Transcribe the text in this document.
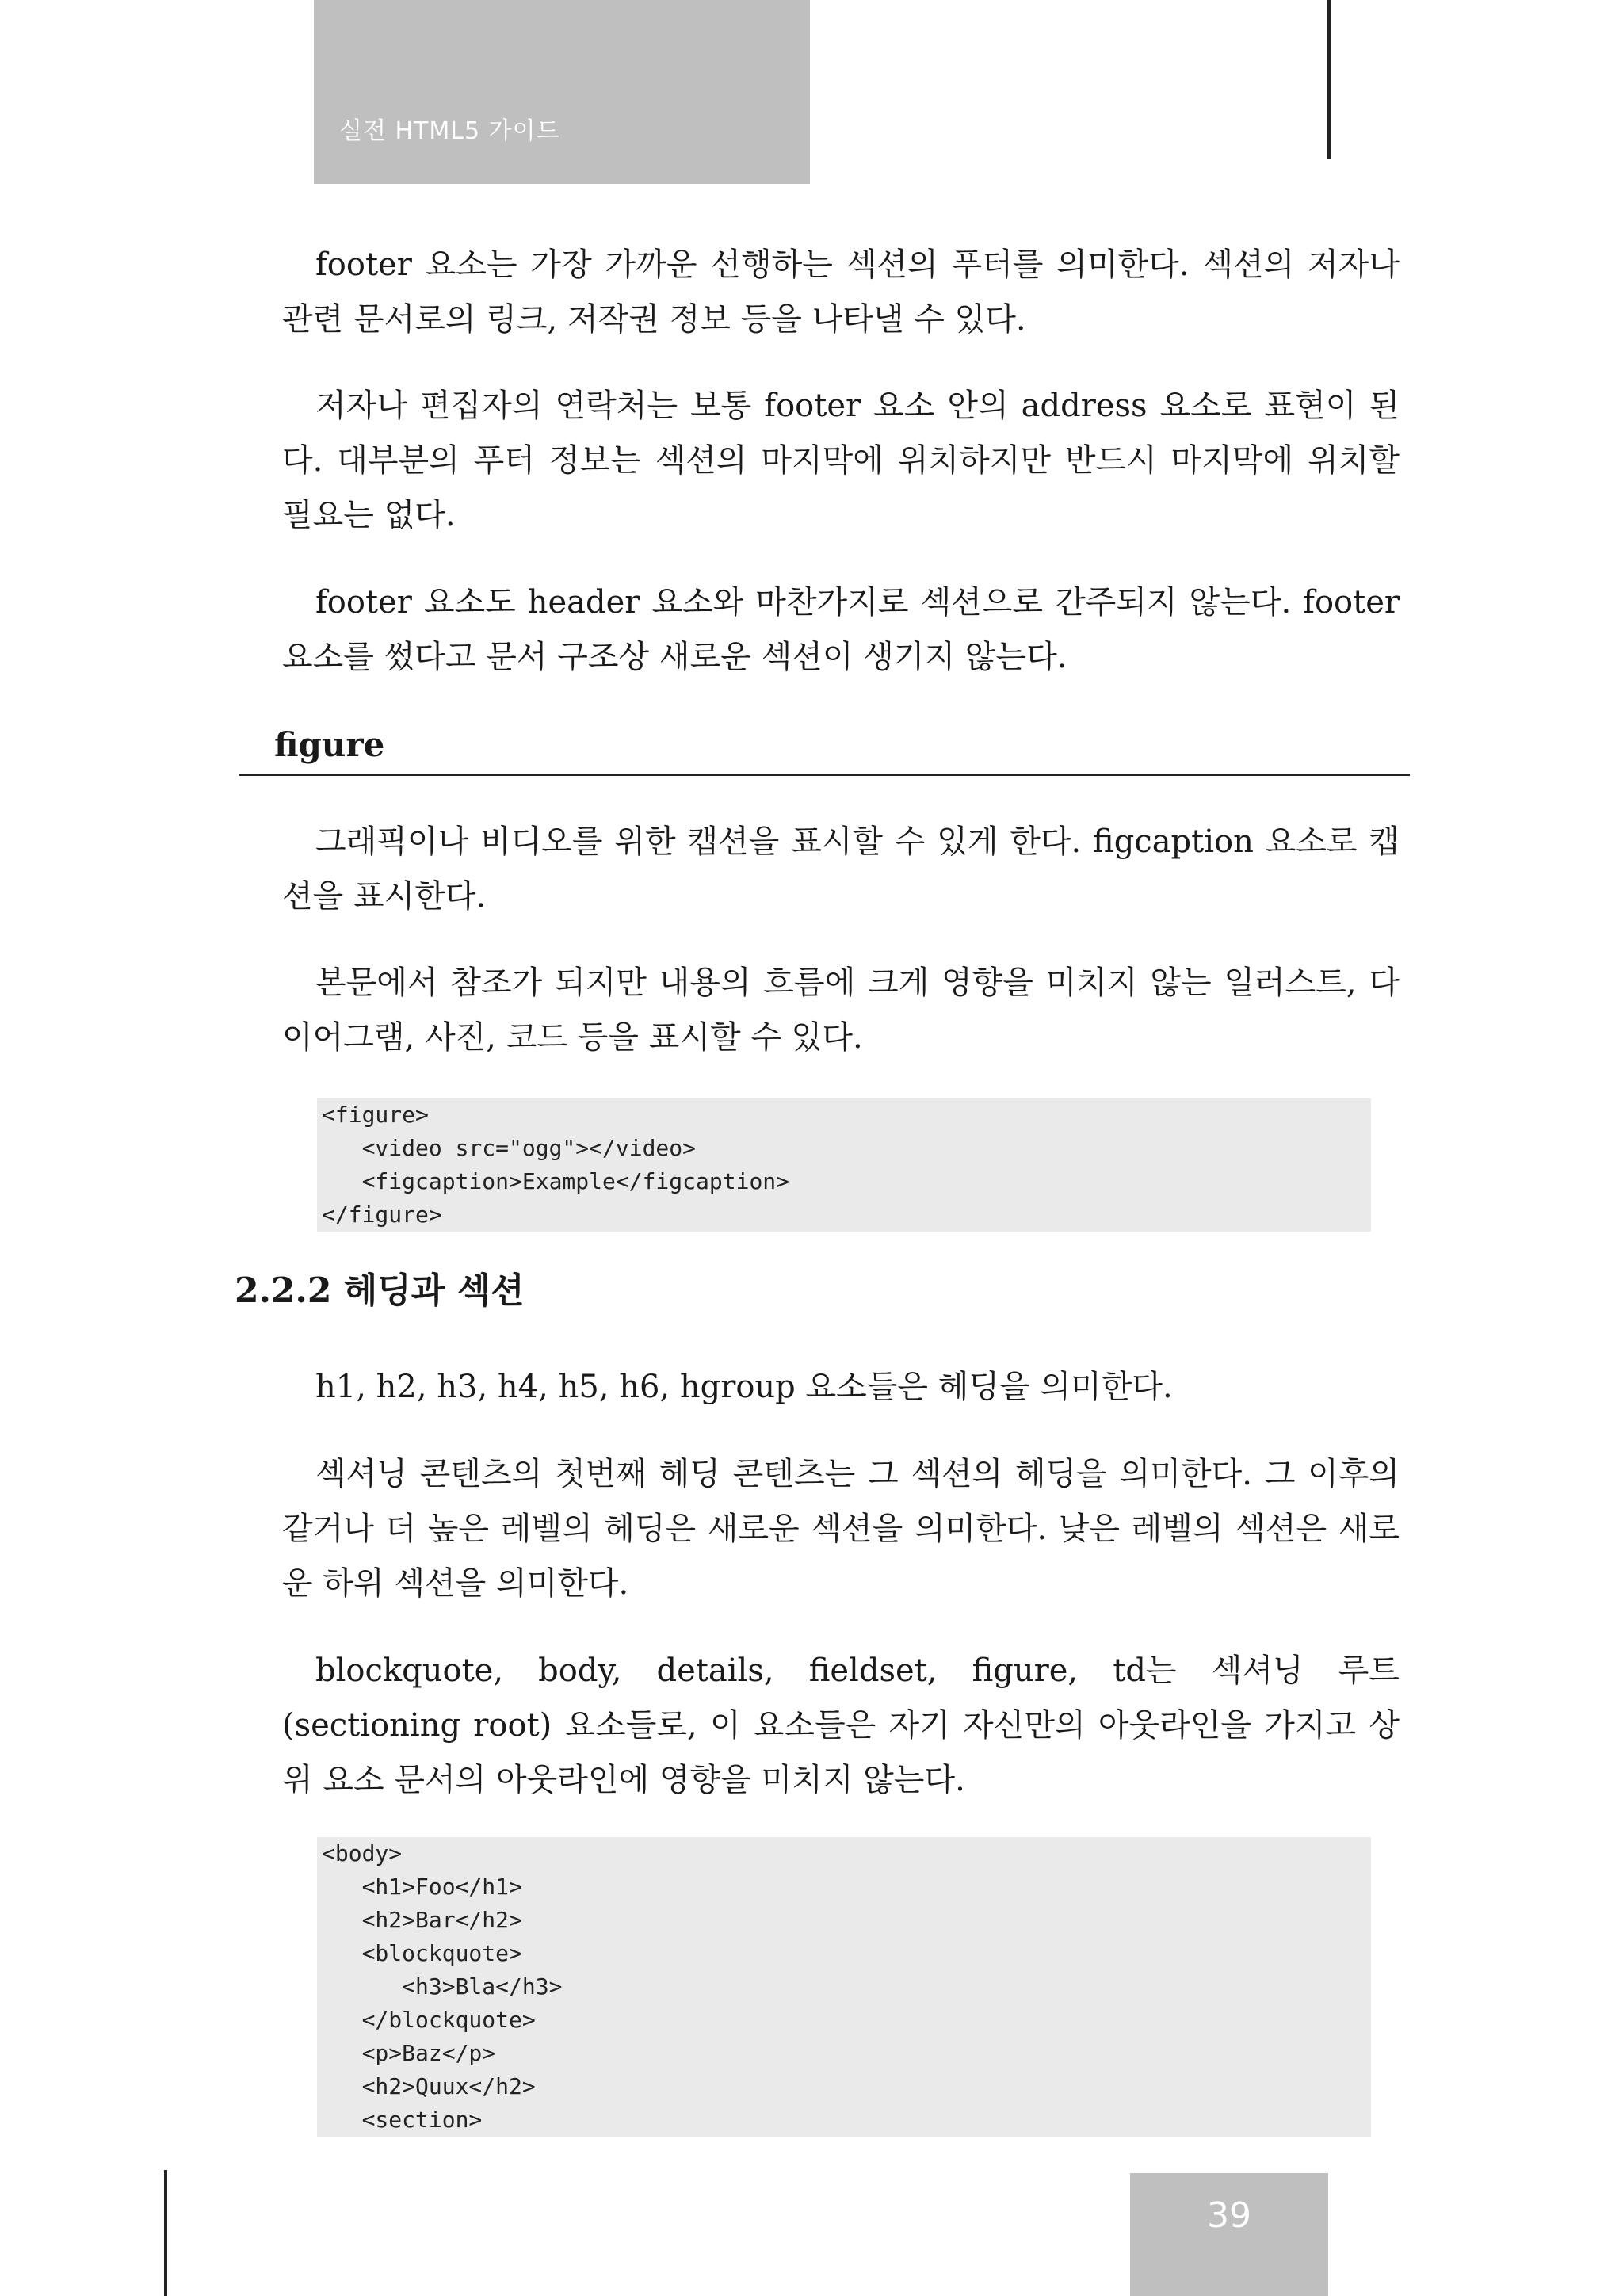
실전 HTML5 가이드

footer 요소는 가장 가까운 선행하는 섹션의 푸터를 의미한다. 섹션의 저자나 관련 문서로의 링크, 저작권 정보 등을 나타낼 수 있다.

저자나 편집자의 연락처는 보통 footer 요소 안의 address 요소로 표현이 된다. 대부분의 푸터 정보는 섹션의 마지막에 위치하지만 반드시 마지막에 위치할 필요는 없다.

footer 요소도 header 요소와 마찬가지로 섹션으로 간주되지 않는다. footer 요소를 썼다고 문서 구조상 새로운 섹션이 생기지 않는다.

figure

그래픽이나 비디오를 위한 캡션을 표시할 수 있게 한다. figcaption 요소로 캡션을 표시한다.

본문에서 참조가 되지만 내용의 흐름에 크게 영향을 미치지 않는 일러스트, 다이어그램, 사진, 코드 등을 표시할 수 있다.

<figure>
<video src="ogg"></video>
<figcaption>Example</figcaption>
</figure>
2.2.2 헤딩과 섹션

h1, h2, h3, h4, h5, h6, hgroup 요소들은 헤딩을 의미한다.

섹셔닝 콘텐츠의 첫번째 헤딩 콘텐츠는 그 섹션의 헤딩을 의미한다. 그 이후의 같거나 더 높은 레벨의 헤딩은 새로운 섹션을 의미한다. 낮은 레벨의 섹션은 새로운 하위 섹션을 의미한다.

blockquote, body, details, fieldset, figure, td는 섹셔닝 루트(sectioning root) 요소들로, 이 요소들은 자기 자신만의 아웃라인을 가지고 상위 요소 문서의 아웃라인에 영향을 미치지 않는다.

<body>
<h1>Foo</h1>
<h2>Bar</h2>
<blockquote>
<h3>Bla</h3>
</blockquote>
<p>Baz</p>
<h2>Quux</h2>
<section>
39
